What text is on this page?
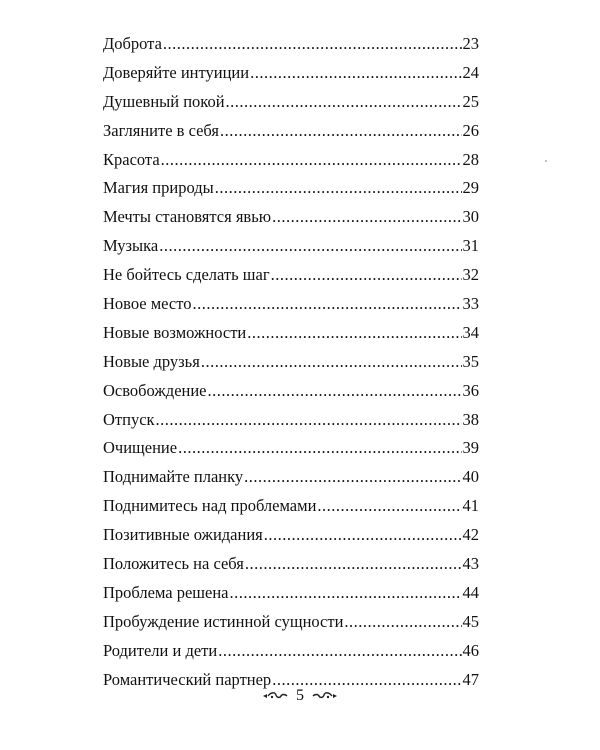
Доброта .....	23
Доверяйте интуиции .....	24
Душевный покой .....	25
Загляните в себя .....	26
Красота .....	28
Магия природы .....	29
Мечты становятся явью .....	30
Музыка .....	31
Не бойтесь сделать шаг .....	32
Новое место .....	33
Новые возможности .....	34
Новые друзья .....	35
Освобождение .....	36
Отпуск .....	38
Очищение .....	39
Поднимайте планку .....	40
Поднимитесь над проблемами .....	41
Позитивные ожидания .....	42
Положитесь на себя .....	43
Проблема решена .....	44
Пробуждение истинной сущности .....	45
Родители и дети .....	46
Романтический партнер .....	47
5
